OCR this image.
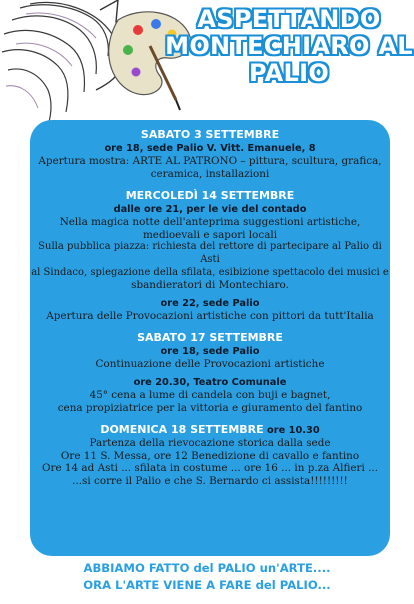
ASPETTANDO
MONTECHIARO AL
PALIO
SABATO 3 SETTEMBRE
ore 18, sede Palio V. Vitt. Emanuele, 8
Apertura mostra: ARTE AL PATRONO – pittura, scultura, grafica,
ceramica, installazioni
MERCOLEDÌ 14 SETTEMBRE
dalle ore 21, per le vie del contado
Nella magica notte dell'anteprima suggestioni artistiche,
medioevali e sapori locali
Sulla pubblica piazza: richiesta del rettore di partecipare al Palio di Asti
al Sindaco, spiegazione della sfilata, esibizione spettacolo dei musici e
sbandieratori di Montechiaro.
ore 22, sede Palio
Apertura delle Provocazioni artistiche con pittori da tutt'Italia
SABATO 17 SETTEMBRE
ore 18, sede Palio
Continuazione delle Provocazioni artistiche
ore 20.30, Teatro Comunale
45° cena a lume di candela con buji e bagnet,
cena propiziatrice per la vittoria e giuramento del fantino
DOMENICA 18 SETTEMBRE ore 10.30
Partenza della rievocazione storica dalla sede
Ore 11 S. Messa, ore 12 Benedizione di cavallo e fantino
Ore 14 ad Asti ... sfilata in costume ... ore 16 ... in p.za Alfieri ...
...si corre il Palio e che S. Bernardo ci assista!!!!!!!!!
ABBIAMO FATTO del PALIO un'ARTE....
ORA L'ARTE VIENE A FARE del PALIO...
